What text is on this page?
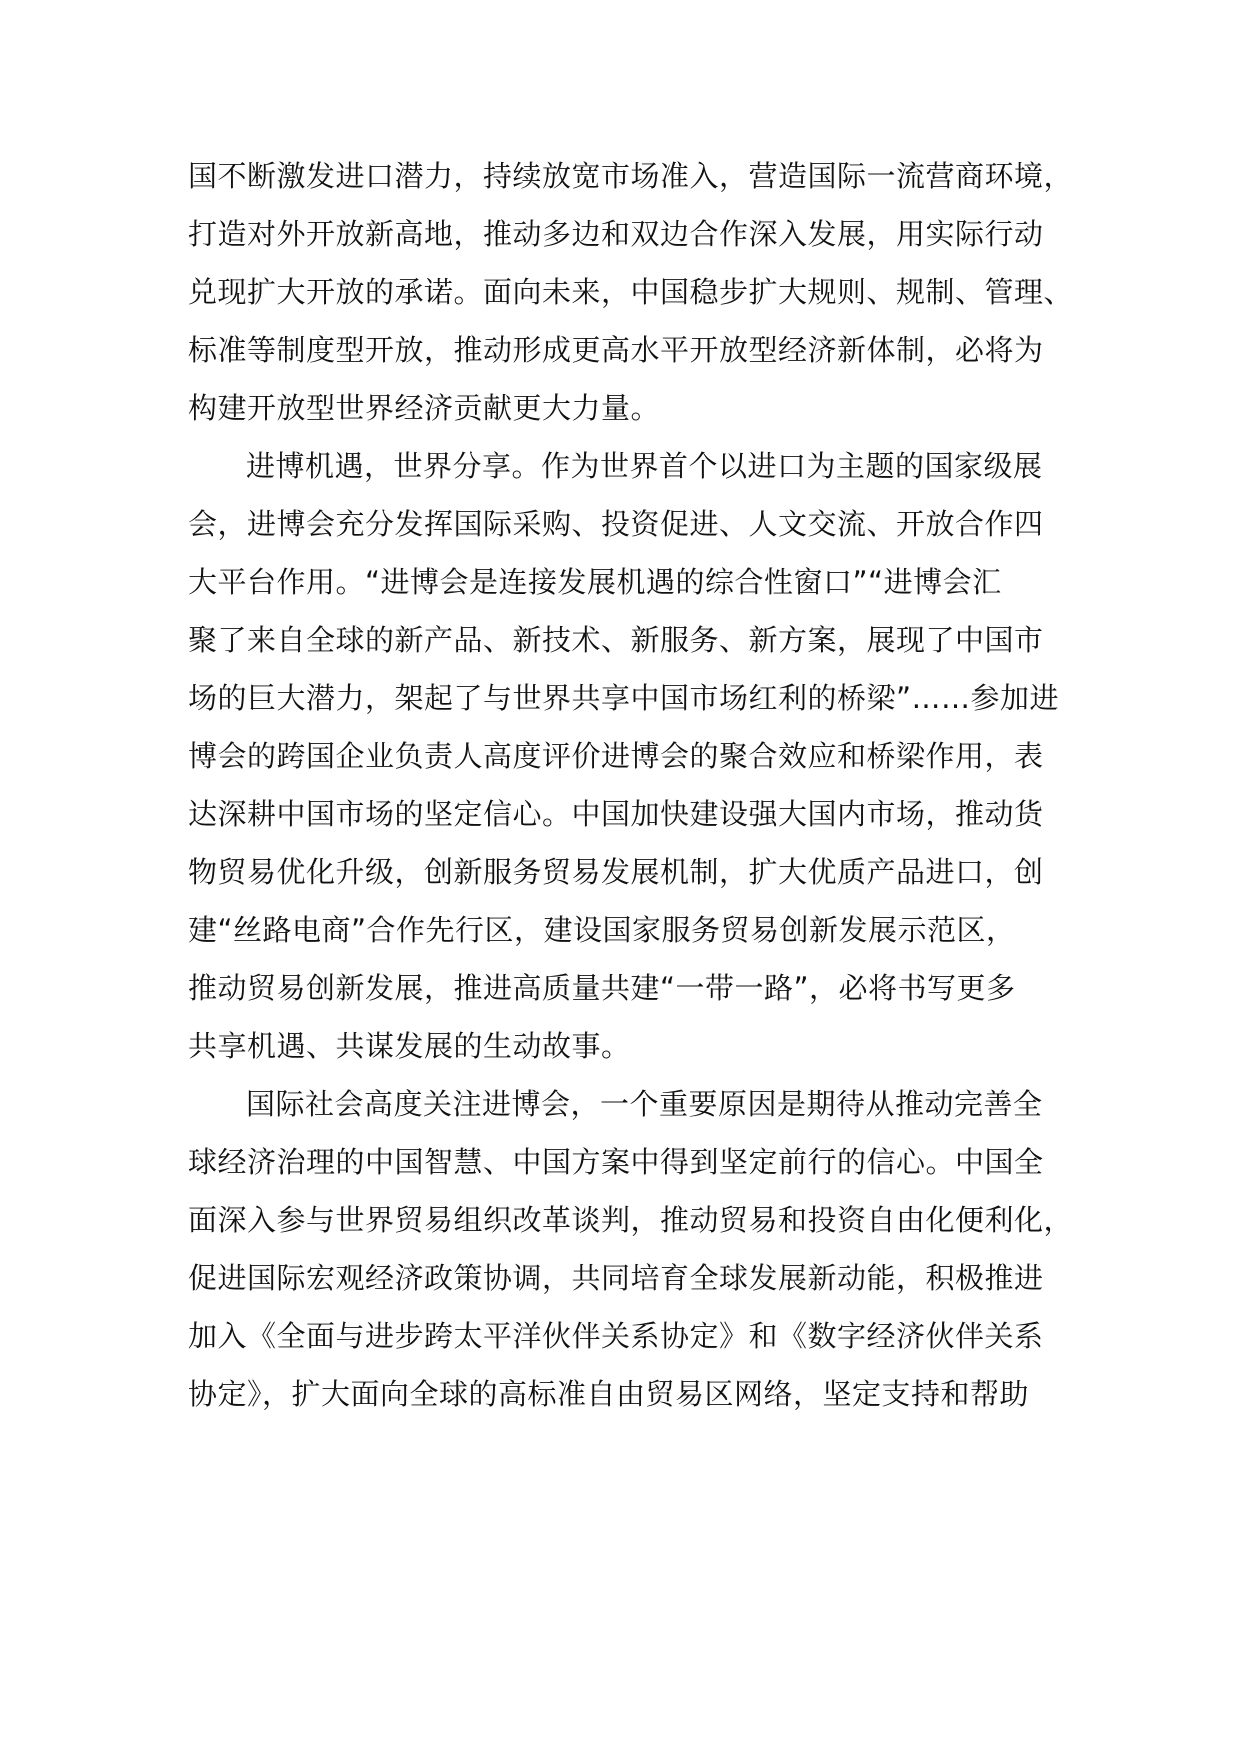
国不断激发进口潜力，持续放宽市场准入，营造国际一流营商环境，
打造对外开放新高地，推动多边和双边合作深入发展，用实际行动
兑现扩大开放的承诺。面向未来，中国稳步扩大规则、规制、管理、
标准等制度型开放，推动形成更高水平开放型经济新体制，必将为
构建开放型世界经济贡献更大力量。
进博机遇，世界分享。作为世界首个以进口为主题的国家级展
会，进博会充分发挥国际采购、投资促进、人文交流、开放合作四
大平台作用。“进博会是连接发展机遇的综合性窗口”“进博会汇
聚了来自全球的新产品、新技术、新服务、新方案，展现了中国市
场的巨大潜力，架起了与世界共享中国市场红利的桥梁”……参加进
博会的跨国企业负责人高度评价进博会的聚合效应和桥梁作用，表
达深耕中国市场的坚定信心。中国加快建设强大国内市场，推动货
物贸易优化升级，创新服务贸易发展机制，扩大优质产品进口，创
建“丝路电商”合作先行区，建设国家服务贸易创新发展示范区，
推动贸易创新发展，推进高质量共建“一带一路”，必将书写更多
共享机遇、共谋发展的生动故事。
国际社会高度关注进博会，一个重要原因是期待从推动完善全
球经济治理的中国智慧、中国方案中得到坚定前行的信心。中国全
面深入参与世界贸易组织改革谈判，推动贸易和投资自由化便利化，
促进国际宏观经济政策协调，共同培育全球发展新动能，积极推进
加入《全面与进步跨太平洋伙伴关系协定》和《数字经济伙伴关系
协定》，扩大面向全球的高标准自由贸易区网络，坚定支持和帮助
